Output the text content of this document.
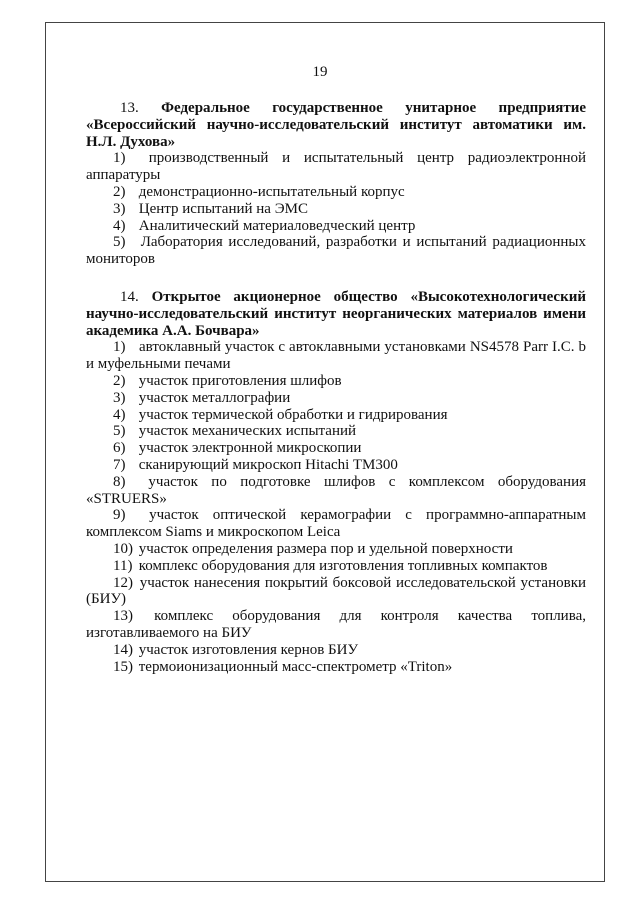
19
13. Федеральное государственное унитарное предприятие «Всероссийский научно-исследовательский институт автоматики им. Н.Л. Духова»
1) производственный и испытательный центр радиоэлектронной аппаратуры
2) демонстрационно-испытательный корпус
3) Центр испытаний на ЭМС
4) Аналитический материаловедческий центр
5) Лаборатория исследований, разработки и испытаний радиационных мониторов
14. Открытое акционерное общество «Высокотехнологический научно-исследовательский институт неорганических материалов имени академика А.А. Бочвара»
1) автоклавный участок с автоклавными установками NS4578 Parr I.C. b и муфельными печами
2) участок приготовления шлифов
3) участок металлографии
4) участок термической обработки и гидрирования
5) участок механических испытаний
6) участок электронной микроскопии
7) сканирующий микроскоп Hitachi TM300
8) участок по подготовке шлифов с комплексом оборудования «STRUERS»
9) участок оптической керамографии с программно-аппаратным комплексом Siams и микроскопом Leica
10) участок определения размера пор и удельной поверхности
11) комплекс оборудования для изготовления топливных компактов
12) участок нанесения покрытий боксовой исследовательской установки (БИУ)
13) комплекс оборудования для контроля качества топлива, изготавливаемого на БИУ
14) участок изготовления кернов БИУ
15) термоионизационный масс-спектрометр «Triton»
